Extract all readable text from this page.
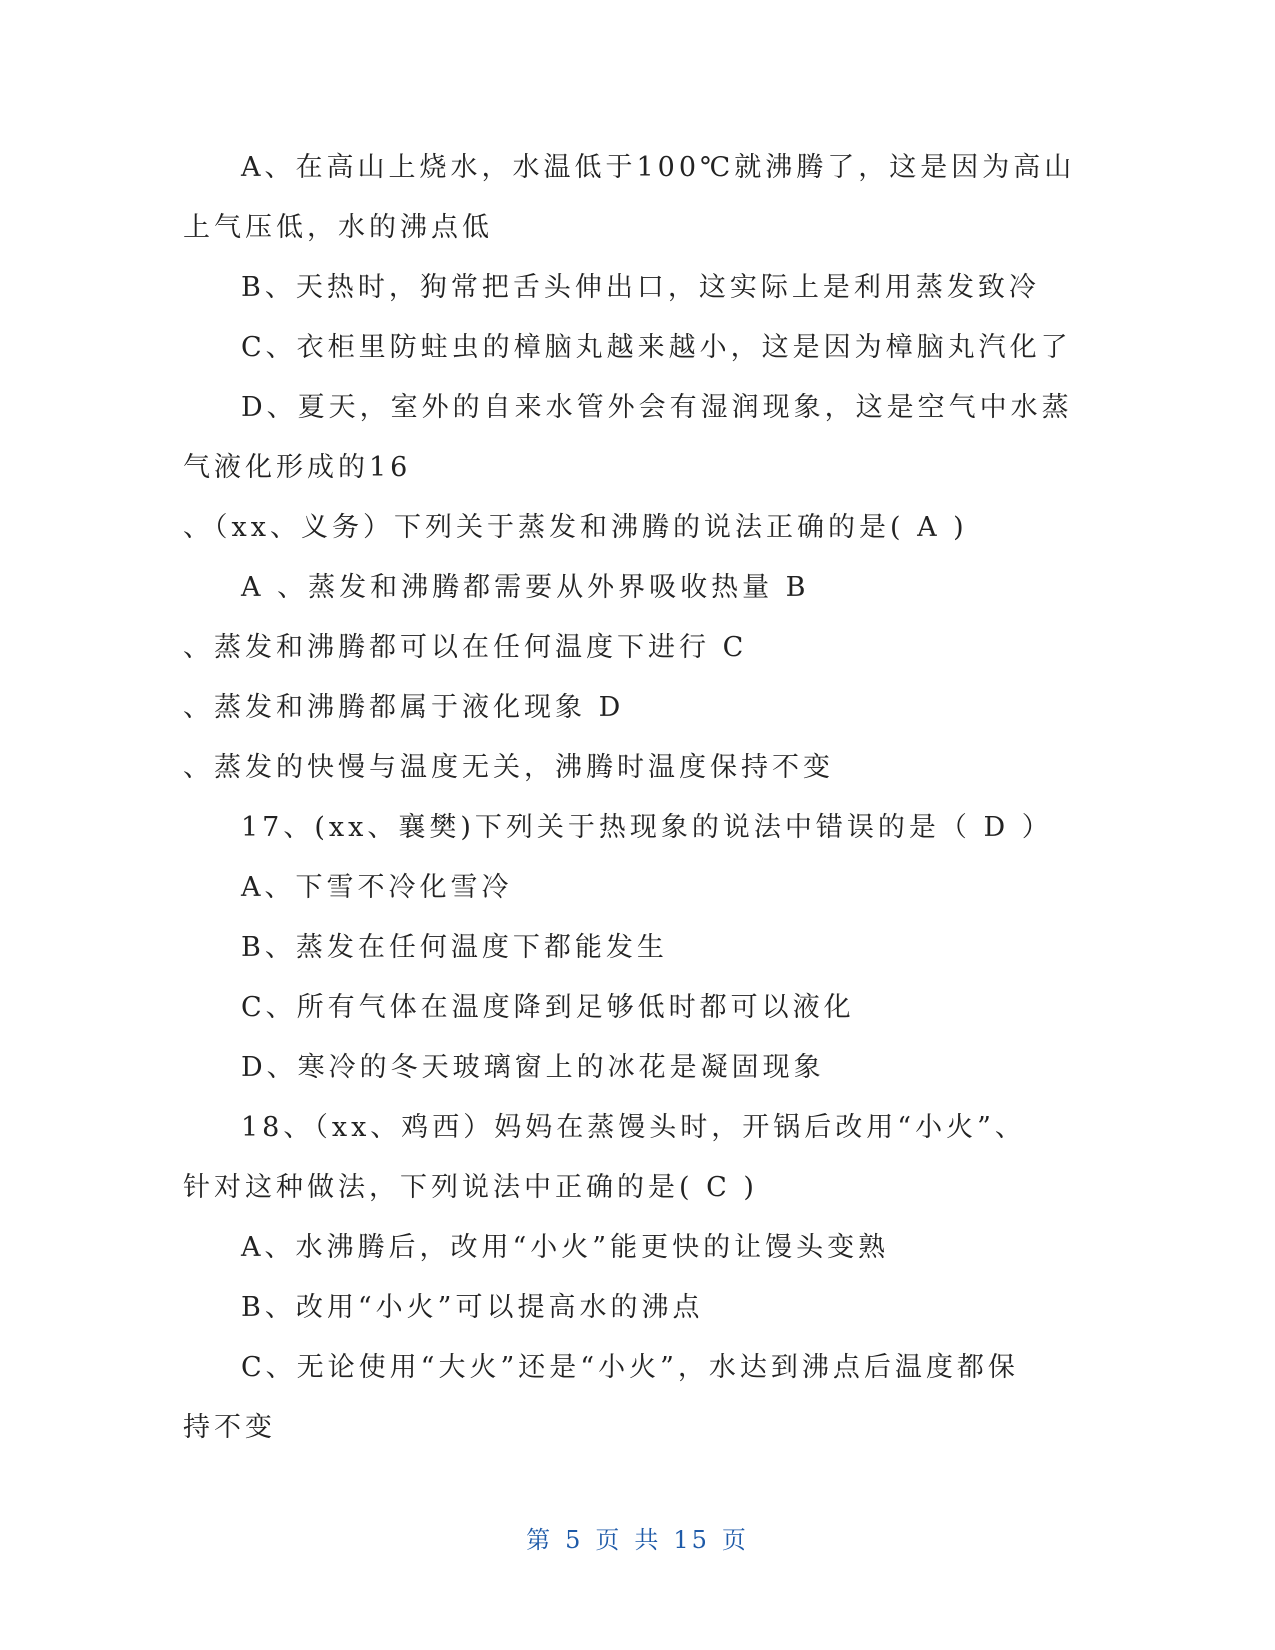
A、在高山上烧水，水温低于100℃就沸腾了，这是因为高山
上气压低，水的沸点低
B、天热时，狗常把舌头伸出口，这实际上是利用蒸发致冷
C、衣柜里防蛀虫的樟脑丸越来越小，这是因为樟脑丸汽化了
D、夏天，室外的自来水管外会有湿润现象，这是空气中水蒸
气液化形成的16
、（xx、义务）下列关于蒸发和沸腾的说法正确的是( A )
A 、蒸发和沸腾都需要从外界吸收热量 B
、蒸发和沸腾都可以在任何温度下进行 C
、蒸发和沸腾都属于液化现象 D
、蒸发的快慢与温度无关，沸腾时温度保持不变
17、(xx、襄樊)下列关于热现象的说法中错误的是（ D ）
A、下雪不冷化雪冷
B、蒸发在任何温度下都能发生
C、所有气体在温度降到足够低时都可以液化
D、寒冷的冬天玻璃窗上的冰花是凝固现象
18、（xx、鸡西）妈妈在蒸馒头时，开锅后改用“小火”、
针对这种做法，下列说法中正确的是( C )
A、水沸腾后，改用“小火”能更快的让馒头变熟
B、改用“小火”可以提高水的沸点
C、无论使用“大火”还是“小火”，水达到沸点后温度都保
持不变
第 5 页 共 15 页
